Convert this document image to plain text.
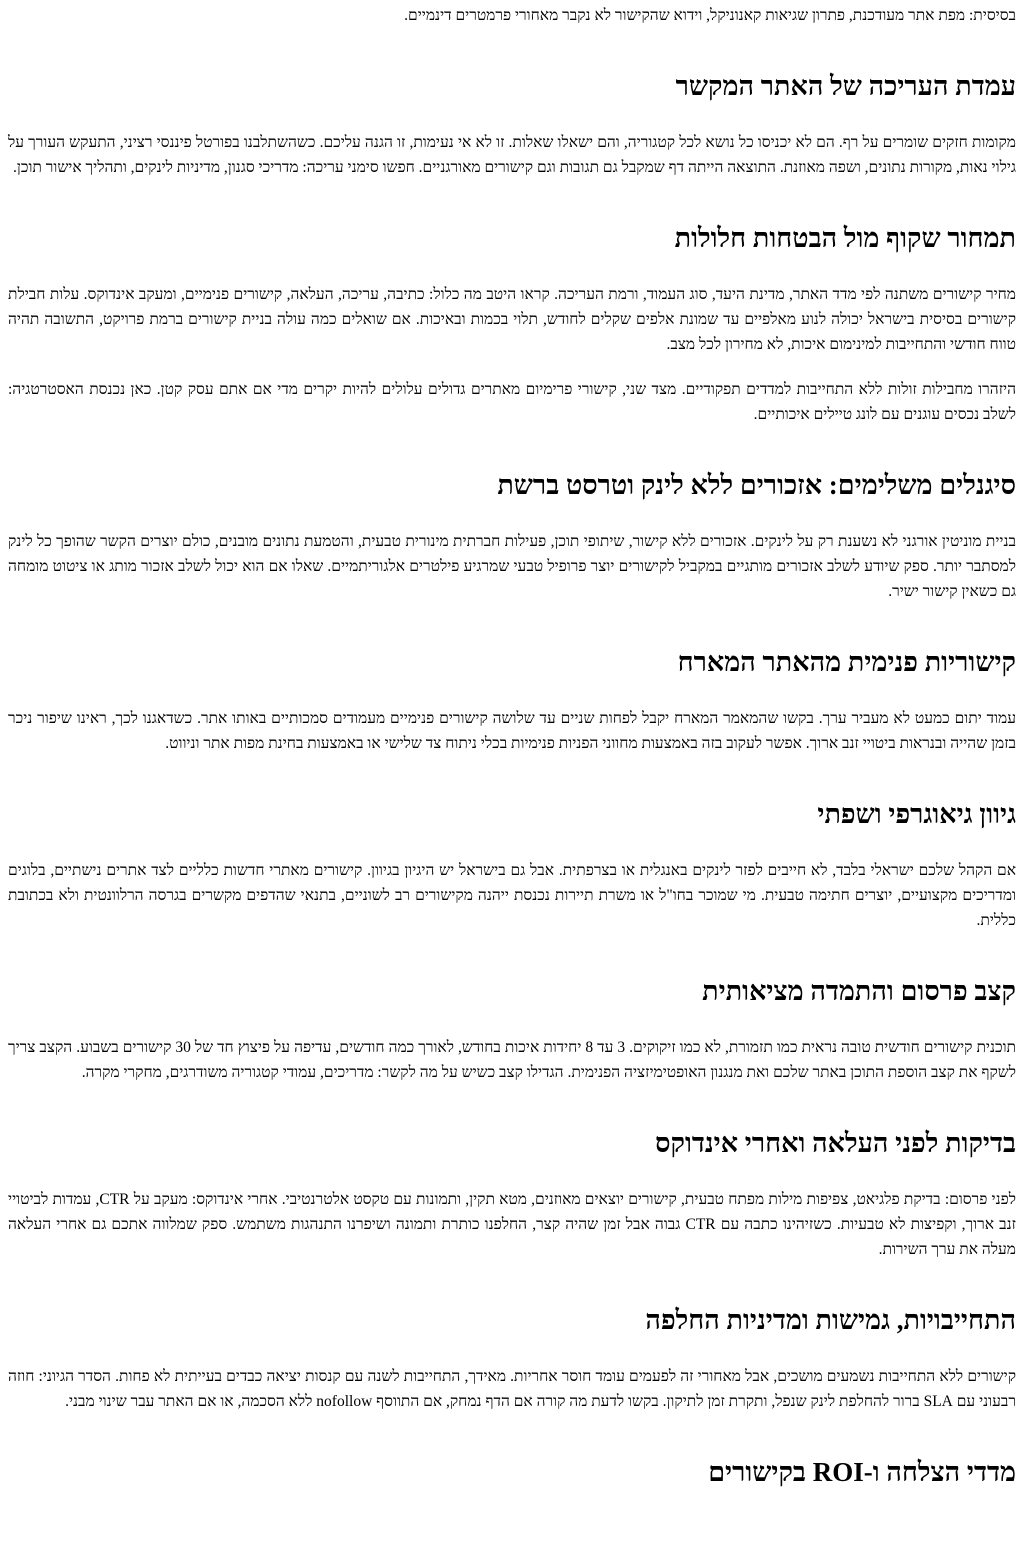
בסיסית: מפת אתר מעודכנת, פתרון שגיאות קאנוניקל, וידוא שהקישור לא נקבר מאחורי פרמטרים דינמיים.

עמדת העריכה של האתר המקשר

מקומות חזקים שומרים על רף. הם לא יכניסו כל נושא לכל קטגוריה, והם ישאלו שאלות. זו לא אי נעימות, זו הגנה עליכם. כשהשתלבנו בפורטל פיננסי רציני, התעקש העורך על גילוי נאות, מקורות נתונים, ושפה מאוזנת. התוצאה הייתה דף שמקבל גם תגובות וגם קישורים מאורגניים. חפשו סימני עריכה: מדריכי סגנון, מדיניות לינקים, ותהליך אישור תוכן.

תמחור שקוף מול הבטחות חלולות

מחיר קישורים משתנה לפי מדד האתר, מדינת היעד, סוג העמוד, ורמת העריכה. קראו היטב מה כלול: כתיבה, עריכה, העלאה, קישורים פנימיים, ומעקב אינדוקס. עלות חבילת קישורים בסיסית בישראל יכולה לנוע מאלפיים עד שמונת אלפים שקלים לחודש, תלוי בכמות ובאיכות. אם שואלים כמה עולה בניית קישורים ברמת פרויקט, התשובה תהיה טווח חודשי והתחייבות למינימום איכות, לא מחירון לכל מצב.

היזהרו מחבילות זולות ללא התחייבות למדדים תפקודיים. מצד שני, קישורי פרימיום מאתרים גדולים עלולים להיות יקרים מדי אם אתם עסק קטן. כאן נכנסת האסטרטגיה: לשלב נכסים עוגנים עם לונג טיילים איכותיים.

סיגנלים משלימים: אזכורים ללא לינק וטרסט ברשת

בניית מוניטין אורגני לא נשענת רק על לינקים. אזכורים ללא קישור, שיתופי תוכן, פעילות חברתית מינורית טבעית, והטמעת נתונים מובנים, כולם יוצרים הקשר שהופך כל לינק למסתבר יותר. ספק שיודע לשלב אזכורים מותגיים במקביל לקישורים יוצר פרופיל טבעי שמרגיע פילטרים אלגוריתמיים. שאלו אם הוא יכול לשלב אזכור מותג או ציטוט מומחה גם כשאין קישור ישיר.

קישוריות פנימית מהאתר המארח

עמוד יתום כמעט לא מעביר ערך. בקשו שהמאמר המארח יקבל לפחות שניים עד שלושה קישורים פנימיים מעמודים סמכותיים באותו אתר. כשדאגנו לכך, ראינו שיפור ניכר בזמן שהייה ובנראות ביטויי זנב ארוך. אפשר לעקוב בזה באמצעות מחווני הפניות פנימיות בכלי ניתוח צד שלישי או באמצעות בחינת מפות אתר וניווט.

גיוון גיאוגרפי ושפתי

אם הקהל שלכם ישראלי בלבד, לא חייבים לפזר לינקים באנגלית או בצרפתית. אבל גם בישראל יש היגיון בגיוון. קישורים מאתרי חדשות כלליים לצד אתרים נישתיים, בלוגים ומדריכים מקצועיים, יוצרים חתימה טבעית. מי שמוכר בחו"ל או משרת תיירות נכנסת ייהנה מקישורים רב לשוניים, בתנאי שהדפים מקשרים בגרסה הרלוונטית ולא בכתובת כללית.

קצב פרסום והתמדה מציאותית

תוכנית קישורים חודשית טובה נראית כמו תזמורת, לא כמו זיקוקים. 3 עד 8 יחידות איכות בחודש, לאורך כמה חודשים, עדיפה על פיצוץ חד של 30 קישורים בשבוע. הקצב צריך לשקף את קצב הוספת התוכן באתר שלכם ואת מנגנון האופטימיזציה הפנימית. הגדילו קצב כשיש על מה לקשר: מדריכים, עמודי קטגוריה משודרגים, מחקרי מקרה.

בדיקות לפני העלאה ואחרי אינדוקס

לפני פרסום: בדיקת פלגיאט, צפיפות מילות מפתח טבעית, קישורים יוצאים מאוזנים, מטא תקין, ותמונות עם טקסט אלטרנטיבי. אחרי אינדוקס: מעקב על CTR, עמדות לביטויי זנב ארוך, וקפיצות לא טבעיות. כשזיהינו כתבה עם CTR גבוה אבל זמן שהיה קצר, החלפנו כותרת ותמונה ושיפרנו התנהגות משתמש. ספק שמלווה אתכם גם אחרי העלאה מעלה את ערך השירות.

התחייבויות, גמישות ומדיניות החלפה

קישורים ללא התחייבות נשמעים מושכים, אבל מאחורי זה לפעמים עומד חוסר אחריות. מאידך, התחייבות לשנה עם קנסות יציאה כבדים בעייתית לא פחות. הסדר הגיוני: חוזה רבעוני עם SLA ברור להחלפת לינק שנפל, ותקרת זמן לתיקון. בקשו לדעת מה קורה אם הדף נמחק, אם התווסף nofollow ללא הסכמה, או אם האתר עבר שינוי מבני.

מדדי הצלחה ו-ROI בקישורים
